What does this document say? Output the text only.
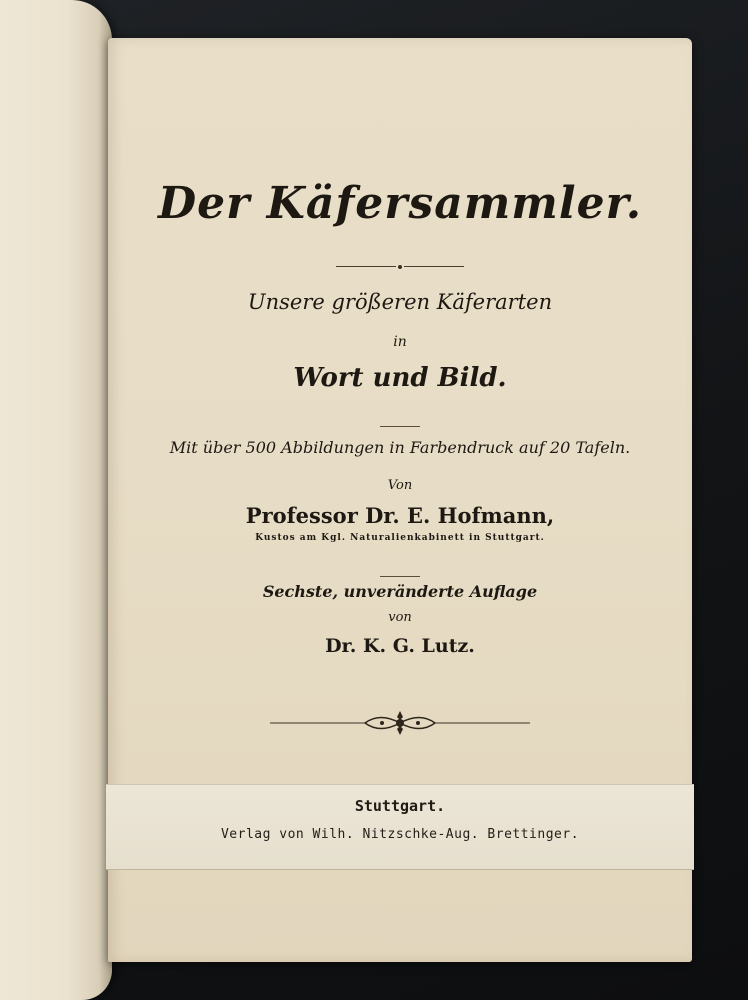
Der Käfersammler.
Unsere größeren Käferarten
in
Wort und Bild.
Mit über 500 Abbildungen in Farbendruck auf 20 Tafeln.
Von
Professor Dr. E. Hofmann,
Kustos am Kgl. Naturalienkabinett in Stuttgart.
Sechste, unveränderte Auflage
von
Dr. K. G. Lutz.
Stuttgart.
Verlag von Wilh. Nitzschke-Aug. Brettinger.
